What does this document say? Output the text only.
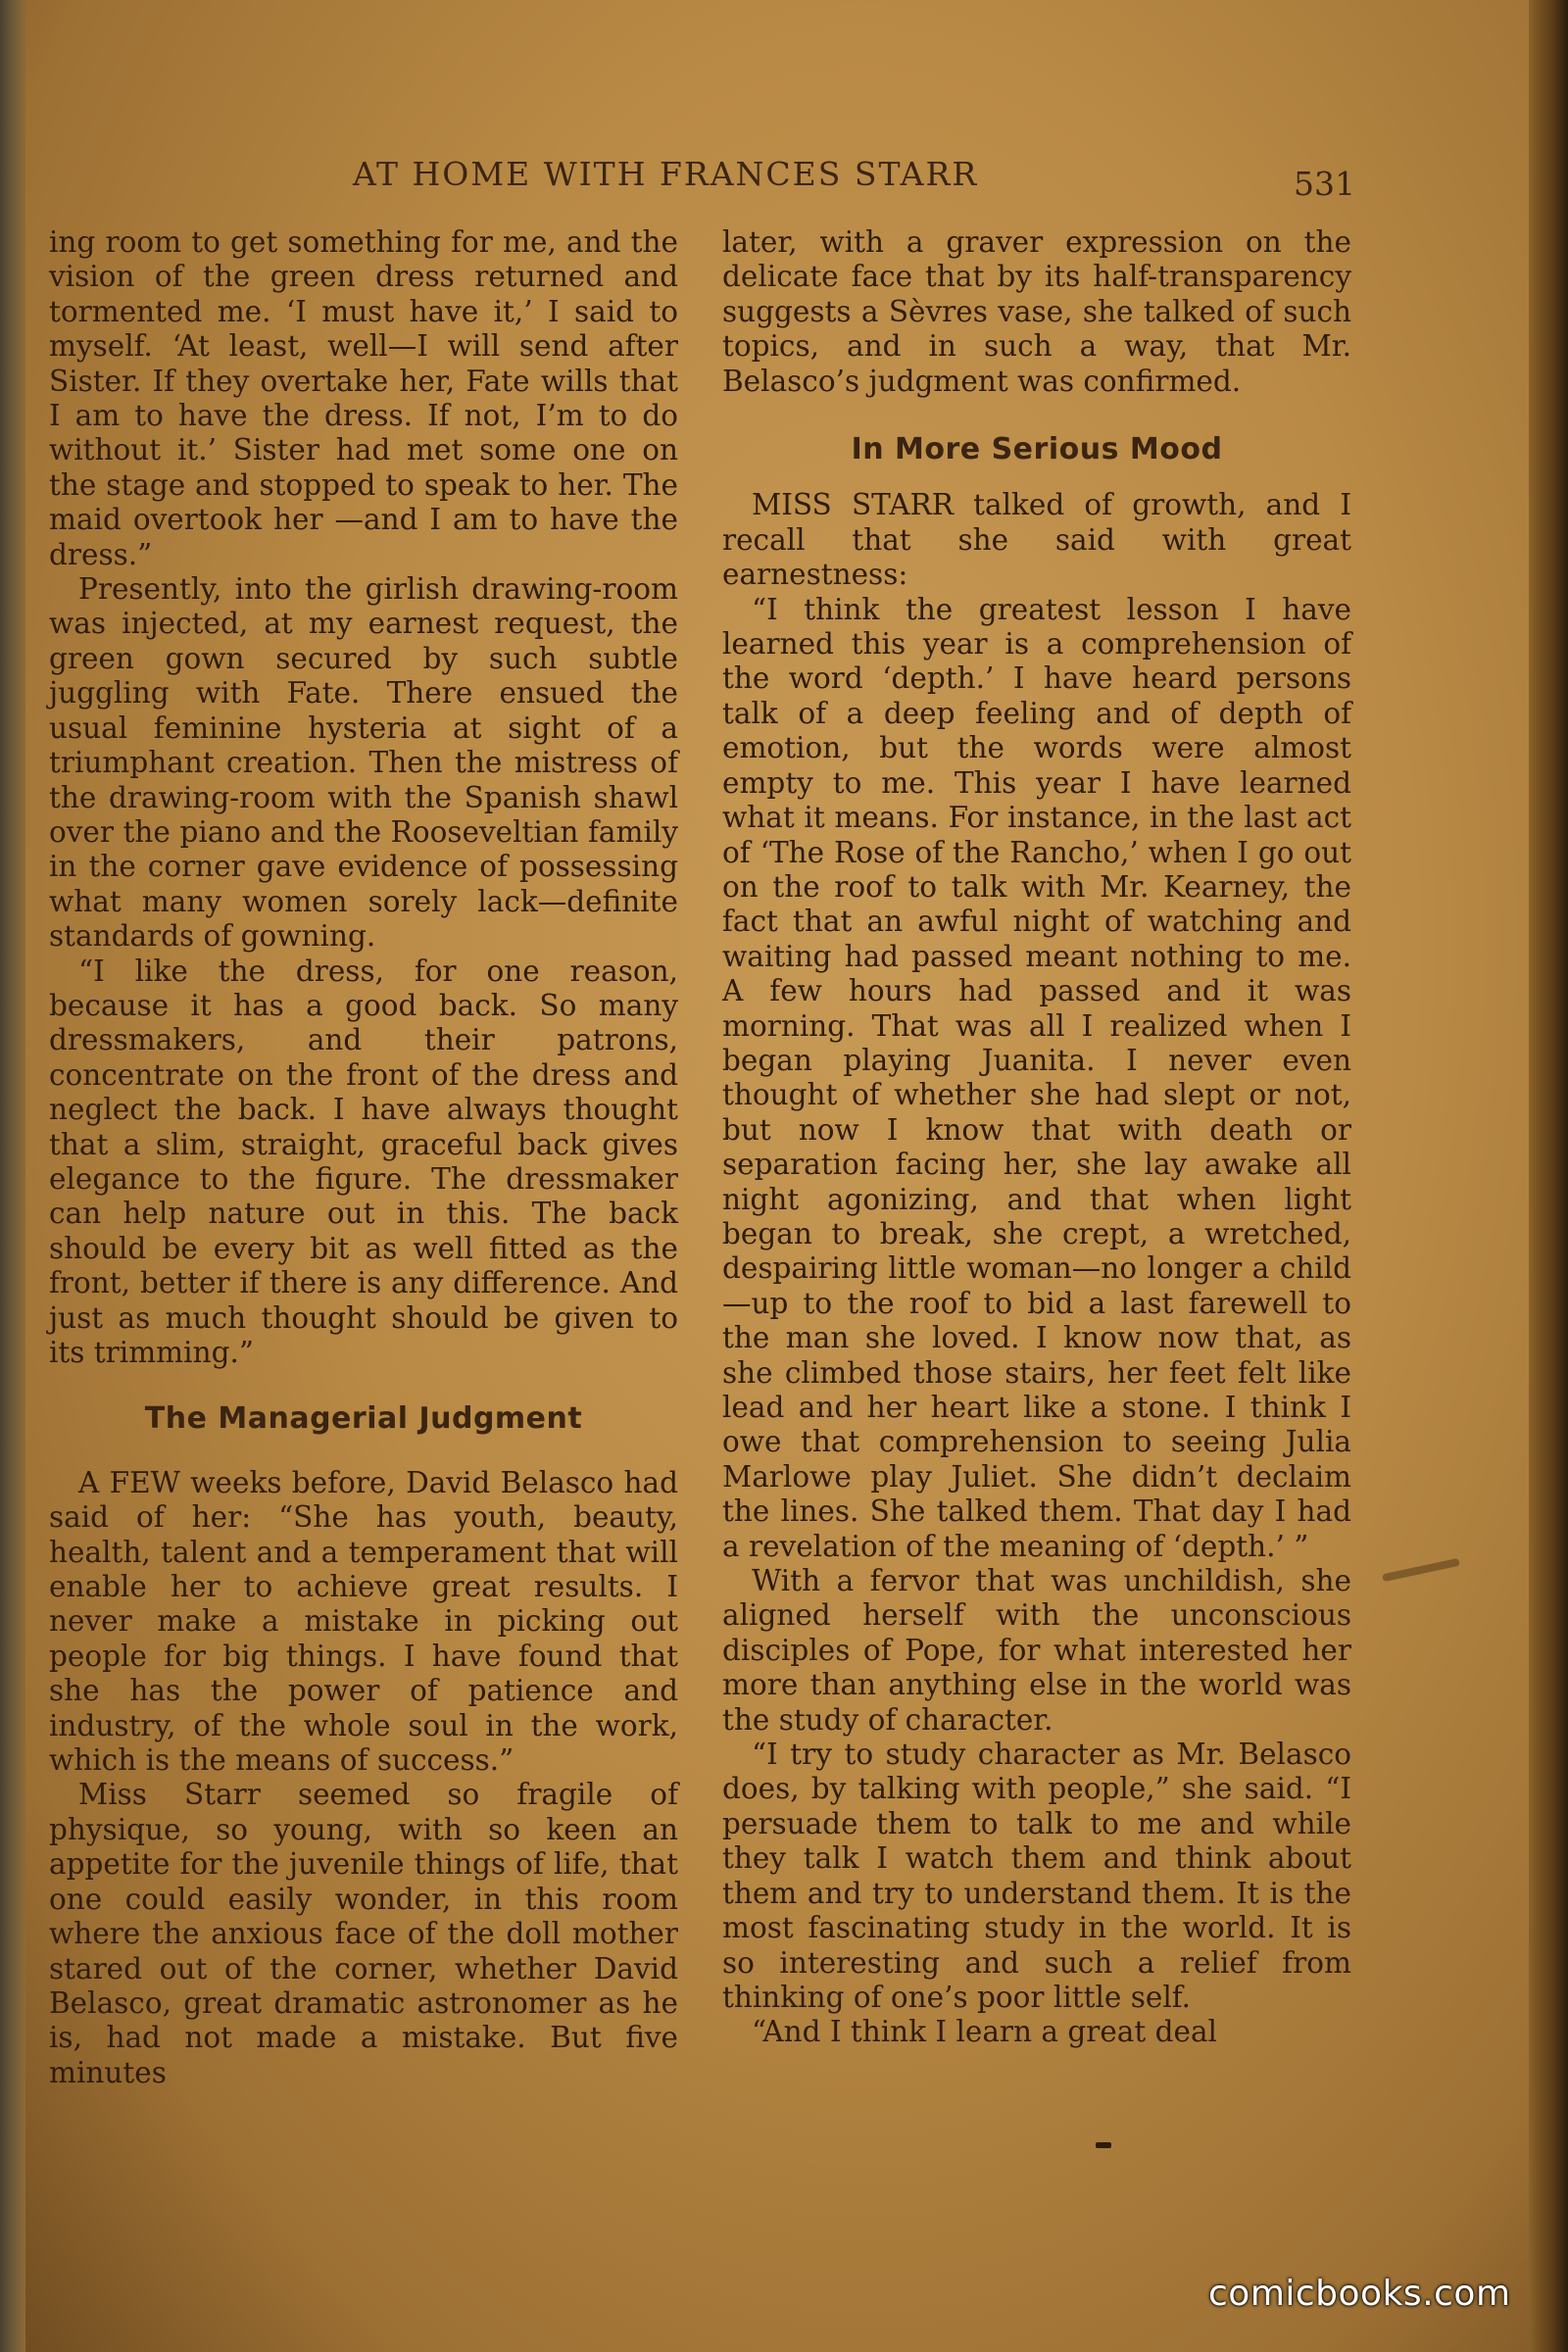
AT HOME WITH FRANCES STARR	531

ing room to get something for me, and the vision of the green dress returned and tormented me. ‘I must have it,’ I said to myself. ‘At least, well—I will send after Sister. If they overtake her, Fate wills that I am to have the dress. If not, I’m to do without it.’ Sister had met some one on the stage and stopped to speak to her. The maid overtook her —and I am to have the dress.”

Presently, into the girlish drawing-room was injected, at my earnest request, the green gown secured by such subtle juggling with Fate. There ensued the usual feminine hysteria at sight of a triumphant creation. Then the mistress of the drawing-room with the Spanish shawl over the piano and the Rooseveltian family in the corner gave evidence of possessing what many women sorely lack—definite standards of gowning.

“I like the dress, for one reason, because it has a good back. So many dressmakers, and their patrons, concentrate on the front of the dress and neglect the back. I have always thought that a slim, straight, graceful back gives elegance to the figure. The dressmaker can help nature out in this. The back should be every bit as well fitted as the front, better if there is any difference. And just as much thought should be given to its trimming.”

The Managerial Judgment

A FEW weeks before, David Belasco had said of her: “She has youth, beauty, health, talent and a temperament that will enable her to achieve great results. I never make a mistake in picking out people for big things. I have found that she has the power of patience and industry, of the whole soul in the work, which is the means of success.”

Miss Starr seemed so fragile of physique, so young, with so keen an appetite for the juvenile things of life, that one could easily wonder, in this room where the anxious face of the doll mother stared out of the corner, whether David Belasco, great dramatic astronomer as he is, had not made a mistake. But five minutes

later, with a graver expression on the delicate face that by its half-transparency suggests a Sèvres vase, she talked of such topics, and in such a way, that Mr. Belasco’s judgment was confirmed.

In More Serious Mood

MISS STARR talked of growth, and I recall that she said with great earnestness:

“I think the greatest lesson I have learned this year is a comprehension of the word ‘depth.’ I have heard persons talk of a deep feeling and of depth of emotion, but the words were almost empty to me. This year I have learned what it means. For instance, in the last act of ‘The Rose of the Rancho,’ when I go out on the roof to talk with Mr. Kearney, the fact that an awful night of watching and waiting had passed meant nothing to me. A few hours had passed and it was morning. That was all I realized when I began playing Juanita. I never even thought of whether she had slept or not, but now I know that with death or separation facing her, she lay awake all night agonizing, and that when light began to break, she crept, a wretched, despairing little woman—no longer a child—up to the roof to bid a last farewell to the man she loved. I know now that, as she climbed those stairs, her feet felt like lead and her heart like a stone. I think I owe that comprehension to seeing Julia Marlowe play Juliet. She didn’t declaim the lines. She talked them. That day I had a revelation of the meaning of ‘depth.’ ”

With a fervor that was unchildish, she aligned herself with the unconscious disciples of Pope, for what interested her more than anything else in the world was the study of character.

“I try to study character as Mr. Belasco does, by talking with people,” she said. “I persuade them to talk to me and while they talk I watch them and think about them and try to understand them. It is the most fascinating study in the world. It is so interesting and such a relief from thinking of one’s poor little self.

“And I think I learn a great deal

comicbooks.com
